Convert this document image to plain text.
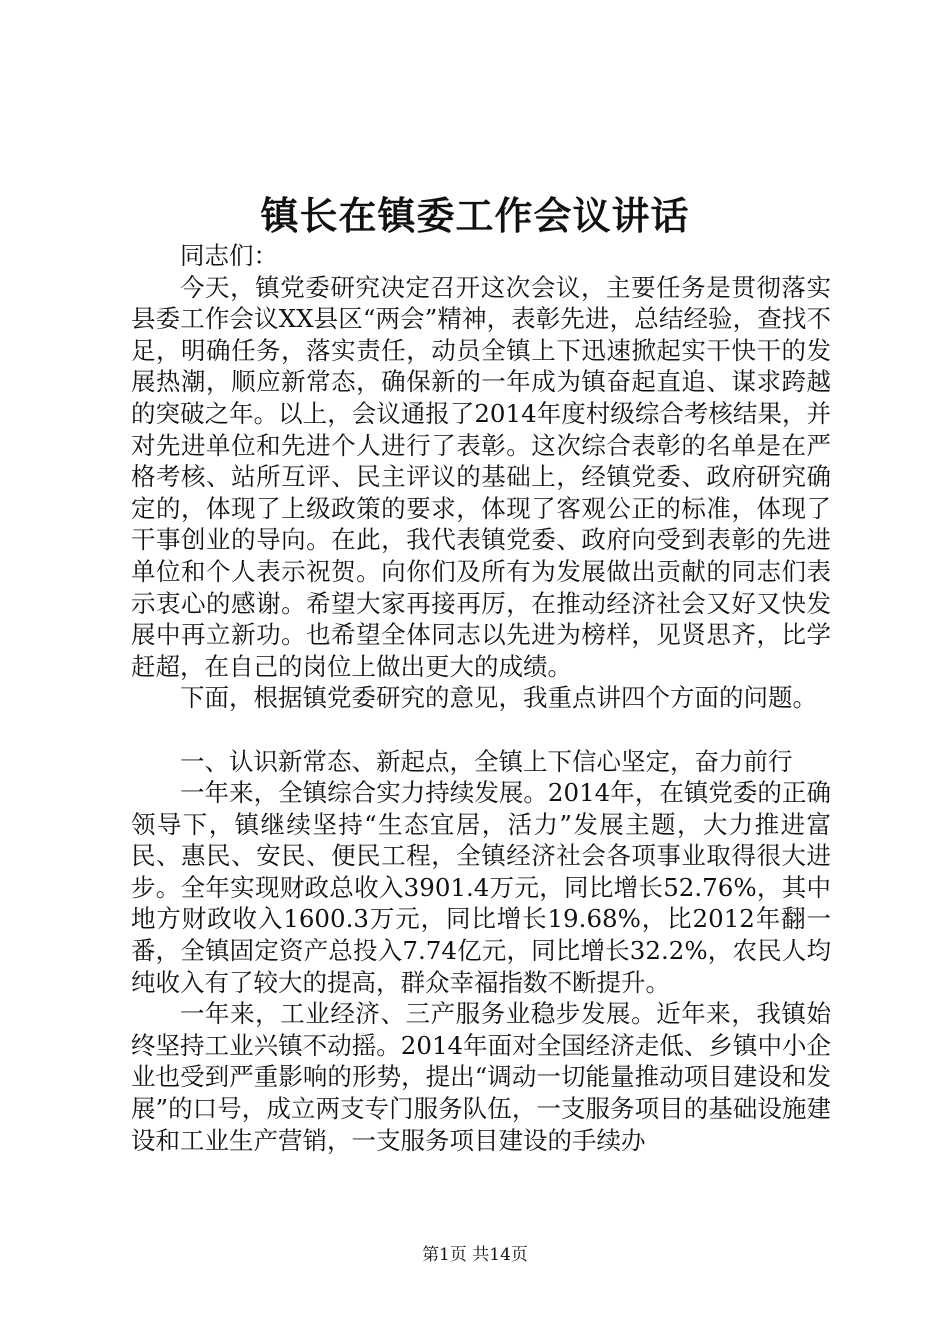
镇长在镇委工作会议讲话

同志们：

今天，镇党委研究决定召开这次会议，主要任务是贯彻落实县委工作会议XX县区“两会”精神，表彰先进，总结经验，查找不足，明确任务，落实责任，动员全镇上下迅速掀起实干快干的发展热潮，顺应新常态，确保新的一年成为镇奋起直追、谋求跨越的突破之年。以上，会议通报了2014年度村级综合考核结果，并对先进单位和先进个人进行了表彰。这次综合表彰的名单是在严格考核、站所互评、民主评议的基础上，经镇党委、政府研究确定的，体现了上级政策的要求，体现了客观公正的标准，体现了干事创业的导向。在此，我代表镇党委、政府向受到表彰的先进单位和个人表示祝贺。向你们及所有为发展做出贡献的同志们表示衷心的感谢。希望大家再接再厉，在推动经济社会又好又快发展中再立新功。也希望全体同志以先进为榜样，见贤思齐，比学赶超，在自己的岗位上做出更大的成绩。

下面，根据镇党委研究的意见，我重点讲四个方面的问题。

一、认识新常态、新起点，全镇上下信心坚定，奋力前行

一年来，全镇综合实力持续发展。2014年，在镇党委的正确领导下，镇继续坚持“生态宜居，活力”发展主题，大力推进富民、惠民、安民、便民工程，全镇经济社会各项事业取得很大进步。全年实现财政总收入3901.4万元，同比增长52.76%，其中地方财政收入1600.3万元，同比增长19.68%，比2012年翻一番，全镇固定资产总投入7.74亿元，同比增长32.2%，农民人均纯收入有了较大的提高，群众幸福指数不断提升。

一年来，工业经济、三产服务业稳步发展。近年来，我镇始终坚持工业兴镇不动摇。2014年面对全国经济走低、乡镇中小企业也受到严重影响的形势，提出“调动一切能量推动项目建设和发展”的口号，成立两支专门服务队伍，一支服务项目的基础设施建设和工业生产营销，一支服务项目建设的手续办

第1页 共14页
